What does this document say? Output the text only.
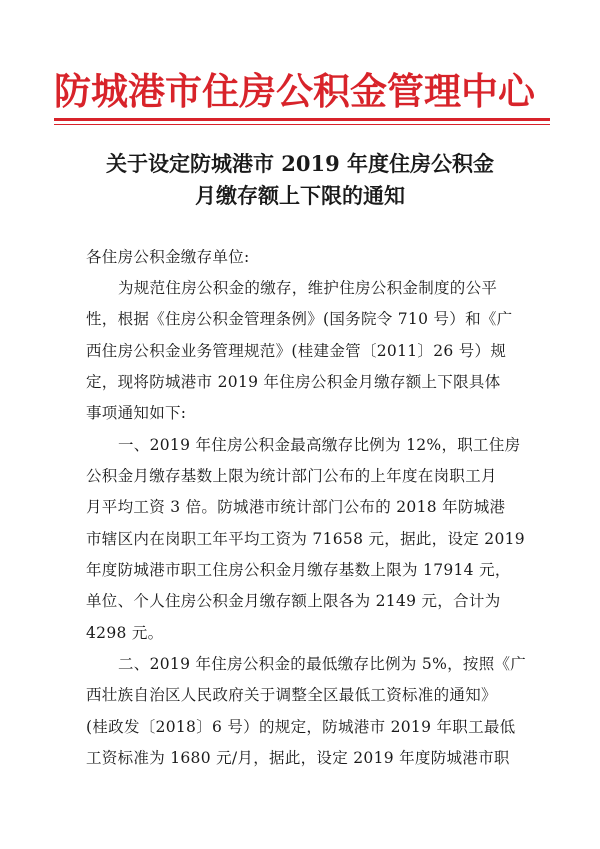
防城港市住房公积金管理中心
关于设定防城港市 2019 年度住房公积金
月缴存额上下限的通知
各住房公积金缴存单位:
为规范住房公积金的缴存，维护住房公积金制度的公平
性，根据《住房公积金管理条例》(国务院令 710 号）和《广
西住房公积金业务管理规范》(桂建金管〔2011〕26 号）规
定，现将防城港市 2019 年住房公积金月缴存额上下限具体
事项通知如下:
一、2019 年住房公积金最高缴存比例为 12%，职工住房
公积金月缴存基数上限为统计部门公布的上年度在岗职工月
月平均工资 3 倍。防城港市统计部门公布的 2018 年防城港
市辖区内在岗职工年平均工资为 71658 元，据此，设定 2019
年度防城港市职工住房公积金月缴存基数上限为 17914 元，
单位、个人住房公积金月缴存额上限各为 2149 元，合计为
4298 元。
二、2019 年住房公积金的最低缴存比例为 5%，按照《广
西壮族自治区人民政府关于调整全区最低工资标准的通知》
(桂政发〔2018〕6 号）的规定，防城港市 2019 年职工最低
工资标准为 1680 元/月，据此，设定 2019 年度防城港市职
